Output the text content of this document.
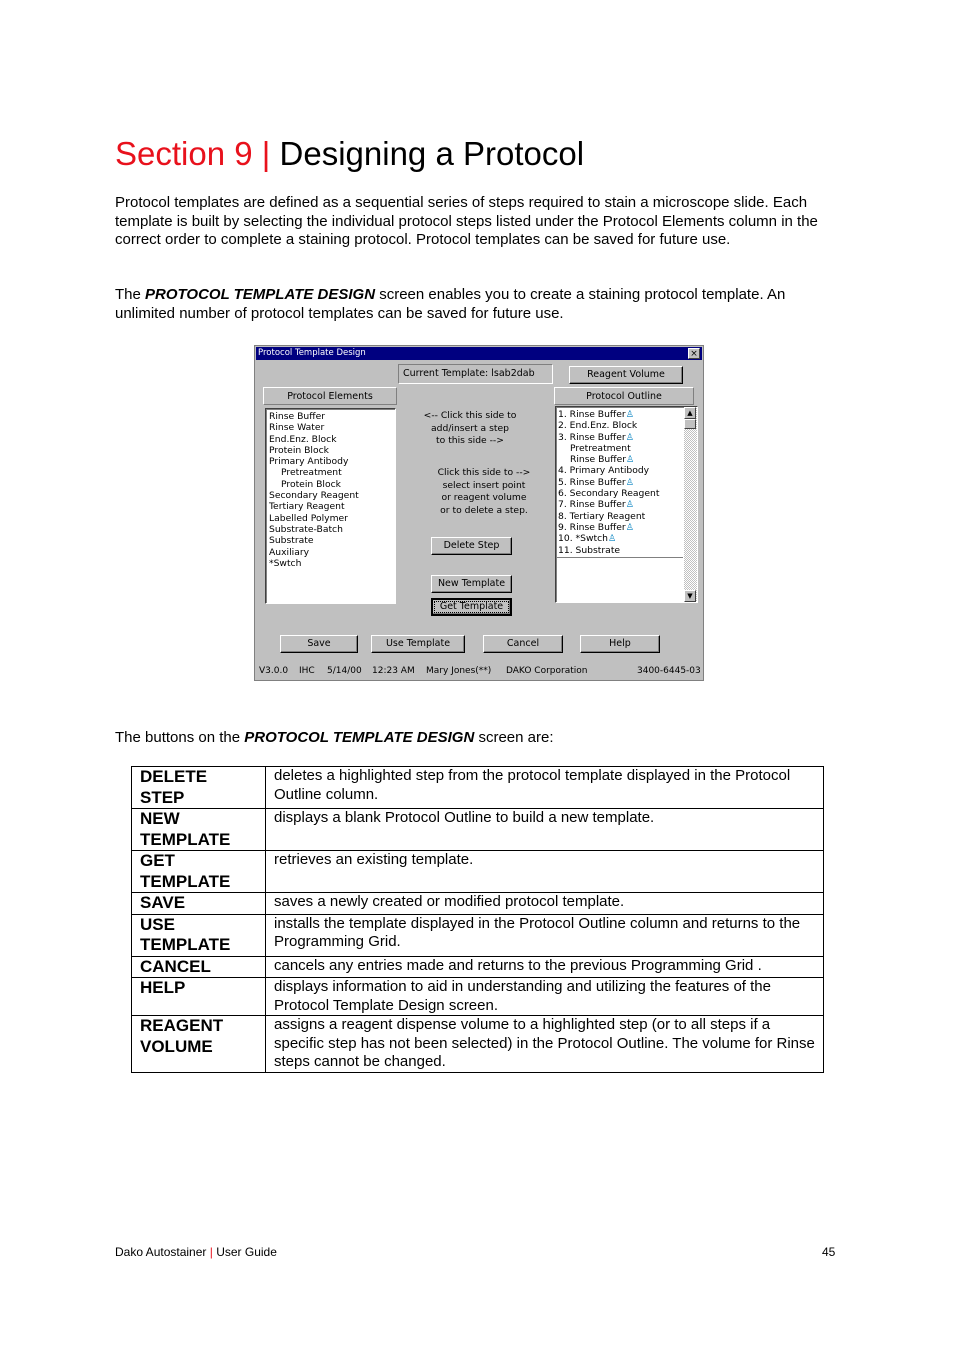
Section 9 | Designing a Protocol

Protocol templates are defined as a sequential series of steps required to stain a microscope slide. Each template is built by selecting the individual protocol steps listed under the Protocol Elements column in the correct order to complete a staining protocol. Protocol templates can be saved for future use.

The PROTOCOL TEMPLATE DESIGN screen enables you to create a staining protocol template. An unlimited number of protocol templates can be saved for future use.

Protocol Template Design	×
Current Template: lsab2dab	Reagent Volume
Protocol Elements
Rinse Buffer
Rinse Water
End.Enz. Block
Protein Block
Primary Antibody
Pretreatment
Protein Block
Secondary Reagent
Tertiary Reagent
Labelled Polymer
Substrate-Batch
Substrate
Auxiliary
*Swtch
<-- Click this side to
add/insert a step
to this side -->
Click this side to -->
select insert point
or reagent volume
or to delete a step.
Delete Step
New Template
Get Template
Protocol Outline
1. Rinse Buffer♙
2. End.Enz. Block
3. Rinse Buffer♙
Pretreatment
Rinse Buffer♙
4. Primary Antibody
5. Rinse Buffer♙
6. Secondary Reagent
7. Rinse Buffer♙
8. Tertiary Reagent
9. Rinse Buffer♙
10. *Swtch♙
11. Substrate
▲
▼
Save	Use Template	Cancel	Help
V3.0.0 IHC 5/14/00 12:23 AM Mary Jones(**) DAKO Corporation	3400-6445-03

The buttons on the PROTOCOL TEMPLATE DESIGN screen are:

DELETE
STEP	deletes a highlighted step from the protocol template displayed in the Protocol Outline column.

NEW
TEMPLATE	displays a blank Protocol Outline to build a new template.

GET
TEMPLATE	retrieves an existing template.

SAVE	saves a newly created or modified protocol template.

USE
TEMPLATE	installs the template displayed in the Protocol Outline column and returns to the Programming Grid.

CANCEL	cancels any entries made and returns to the previous Programming Grid .

HELP	displays information to aid in understanding and utilizing the features of the Protocol Template Design screen.

REAGENT
VOLUME	assigns a reagent dispense volume to a highlighted step (or to all steps if a specific step has not been selected) in the Protocol Outline. The volume for Rinse steps cannot be changed.
Dako Autostainer | User Guide	45
